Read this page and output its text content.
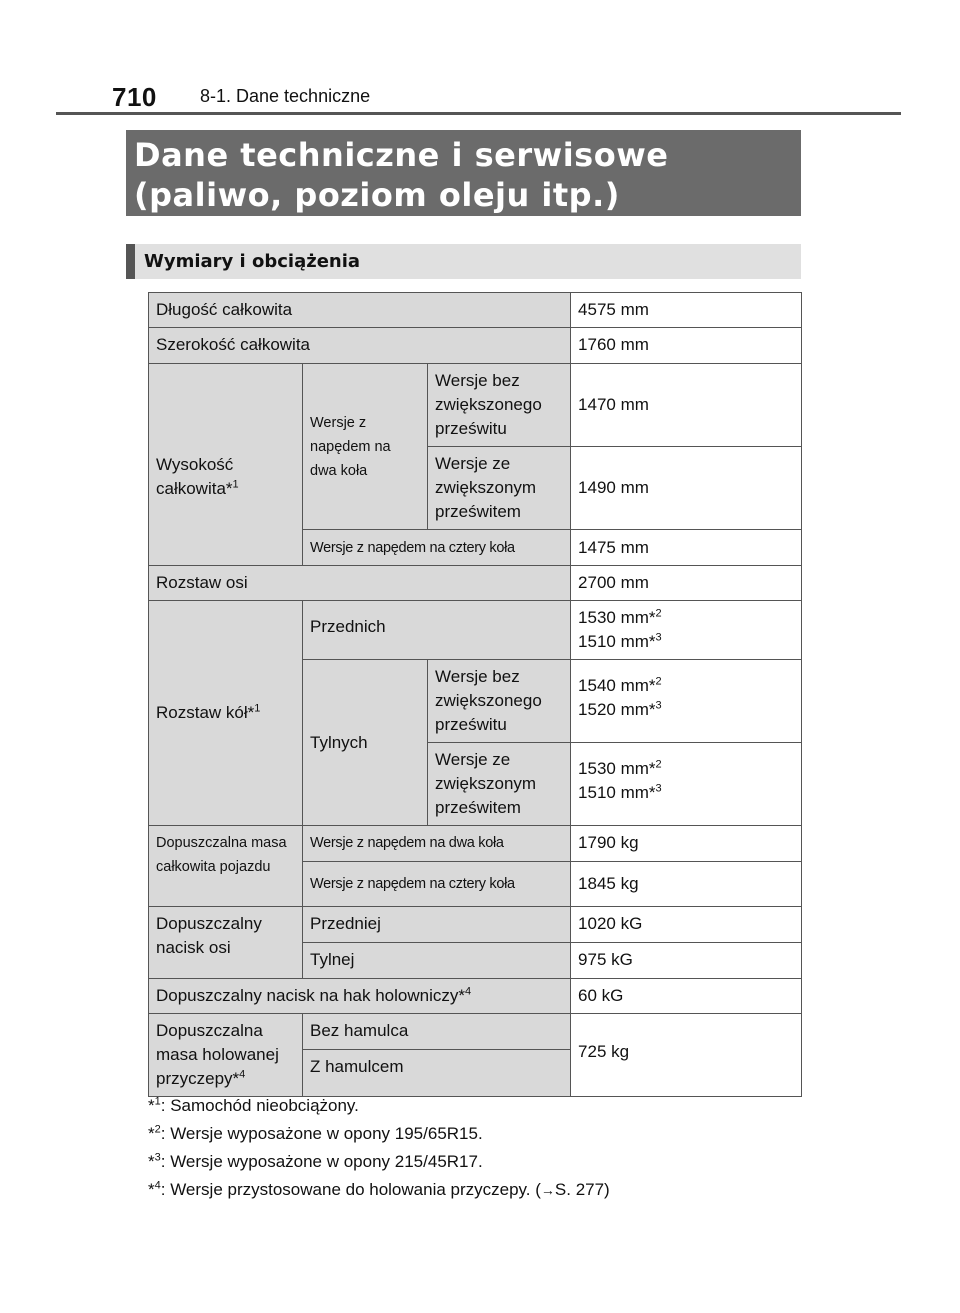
710 8-1. Dane techniczne
Dane techniczne i serwisowe
(paliwo, poziom oleju itp.)
Wymiary i obciążenia
Długość całkowita			4575 mm
Szerokość całkowita			1760 mm
Wysokość całkowita*$^1$	Wersje z napędem na dwa koła	Wersje bez zwiększonego prześwitu	1470 mm
		Wersje ze zwiększonym prześwitem	1490 mm
	Wersje z napędem na cztery koła		1475 mm
Rozstaw osi			2700 mm
Rozstaw kół*$^1$	Przednich		1530 mm*$^2$
1510 mm*$^3$
	Tylnych	Wersje bez zwiększonego prześwitu	1540 mm*$^2$
1520 mm*$^3$
		Wersje ze zwiększonym prześwitem	1530 mm*$^2$
1510 mm*$^3$
Dopuszczalna masa całkowita pojazdu	Wersje z napędem na dwa koła		1790 kg
	Wersje z napędem na cztery koła		1845 kg
Dopuszczalny nacisk osi	Przedniej		1020 kG
	Tylnej		975 kG
Dopuszczalny nacisk na hak holowniczy*$^4$			60 kG
Dopuszczalna masa holowanej przyczepy*$^4$	Bez hamulca		725 kg
	Z hamulcem		
*$^1$: Samochód nieobciążony.
*$^2$: Wersje wyposażone w opony 195/65R15.
*$^3$: Wersje wyposażone w opony 215/45R17.
*$^4$: Wersje przystosowane do holowania przyczepy. (→S. 277)
